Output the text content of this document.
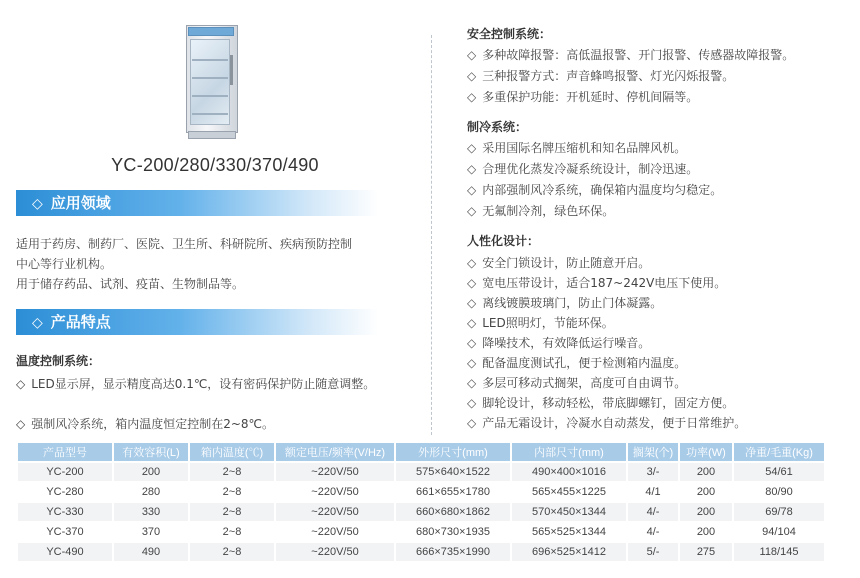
YC-200/280/330/370/490
◇ 应用领域
适用于药房、制药厂、医院、卫生所、科研院所、疾病预防控制
中心等行业机构。
用于储存药品、试剂、疫苗、生物制品等。
◇ 产品特点
温度控制系统：
◇ LED显示屏，显示精度高达0.1℃，设有密码保护防止随意调整。
◇ 强制风冷系统，箱内温度恒定控制在2~8℃。
安全控制系统：
◇ 多种故障报警：高低温报警、开门报警、传感器故障报警。
◇ 三种报警方式：声音蜂鸣报警、灯光闪烁报警。
◇ 多重保护功能：开机延时、停机间隔等。
制冷系统：
◇ 采用国际名牌压缩机和知名品牌风机。
◇ 合理优化蒸发冷凝系统设计，制冷迅速。
◇ 内部强制风冷系统，确保箱内温度均匀稳定。
◇ 无氟制冷剂，绿色环保。
人性化设计：
◇ 安全门锁设计，防止随意开启。
◇ 宽电压带设计，适合187~242V电压下使用。
◇ 离线镀膜玻璃门，防止门体凝露。
◇ LED照明灯，节能环保。
◇ 降噪技术，有效降低运行噪音。
◇ 配备温度测试孔，便于检测箱内温度。
◇ 多层可移动式搁架，高度可自由调节。
◇ 脚轮设计，移动轻松，带底脚螺钉，固定方便。
◇ 产品无霜设计，冷凝水自动蒸发，便于日常维护。
产品型号	有效容积(L)	箱内温度(℃)	额定电压/频率(V/Hz)	外形尺寸(mm)	内部尺寸(mm)	搁架(个)	功率(W)	净重/毛重(Kg)
YC-200	200	2~8	~220V/50	575×640×1522	490×400×1016	3/-	200	54/61
YC-280	280	2~8	~220V/50	661×655×1780	565×455×1225	4/1	200	80/90
YC-330	330	2~8	~220V/50	660×680×1862	570×450×1344	4/-	200	69/78
YC-370	370	2~8	~220V/50	680×730×1935	565×525×1344	4/-	200	94/104
YC-490	490	2~8	~220V/50	666×735×1990	696×525×1412	5/-	275	118/145
